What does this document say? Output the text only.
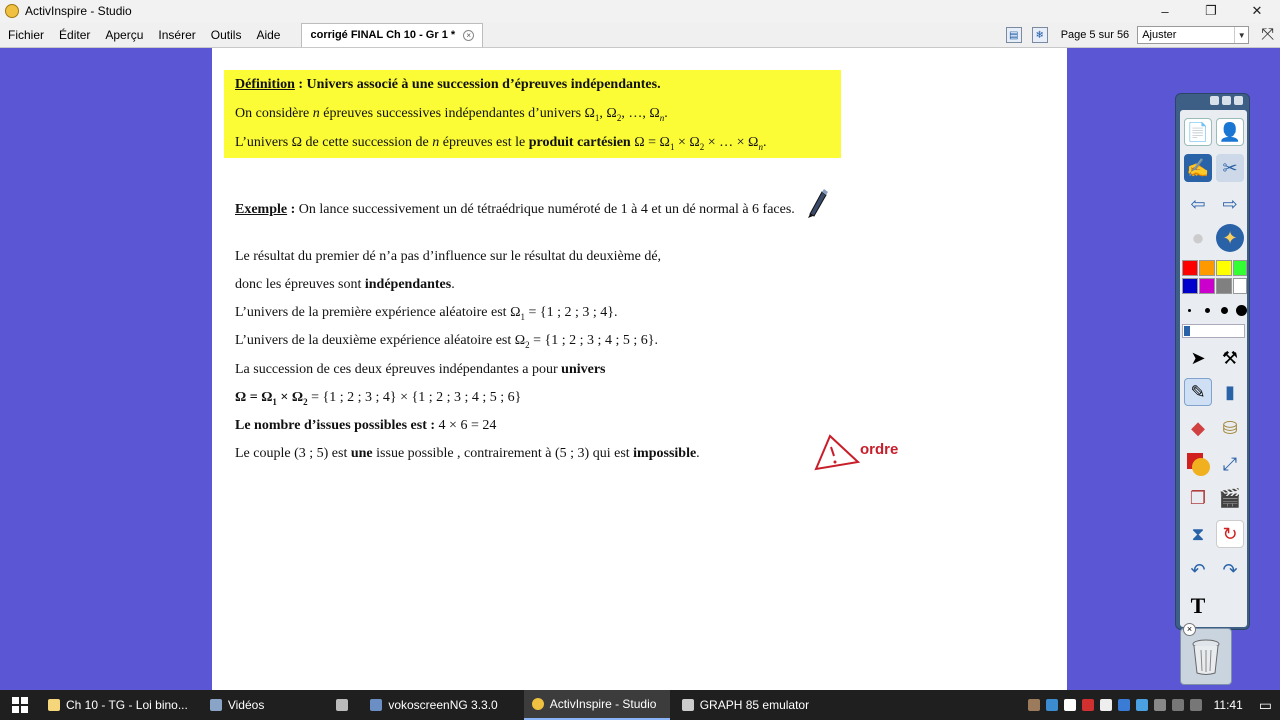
ActivInspire - Studio	–	❐	✕
Fichier	Éditer	Aperçu	Insérer	Outils	Aide	corrigé FINAL Ch 10 - Gr 1 *	×	▤	❄	Page 5 sur 56 Ajuster	▼ ⤧
Définition : Univers associé à une succession d’épreuves indépendantes.
On considère n épreuves successives indépendantes d’univers $\Omega_1$, $\Omega_2$, …, $\Omega_n$.
L’univers Ω de cette succession de n épreuves est le produit cartésien $\Omega = \Omega_1 \times \Omega_2$ × … × $\Omega_n$.
Exemple : On lance successivement un dé tétraédrique numéroté de 1 à 4 et un dé normal à 6 faces.
Le résultat du premier dé n’a pas d’influence sur le résultat du deuxième dé,
donc les épreuves sont indépendantes.
L’univers de la première expérience aléatoire est $\Omega_1 = \{1$ ; 2 ; 3 ; 4}.
L’univers de la deuxième expérience aléatoire est $\Omega_2 = \{1$ ; 2 ; 3 ; 4 ; 5 ; 6}.
La succession de ces deux épreuves indépendantes a pour univers
$\Omega = \Omega_1 \times \Omega_2 = \{1$ ; 2 ; 3 ; 4} × {1 ; 2 ; 3 ; 4 ; 5 ; 6}
Le nombre d’issues possibles est : 4 × 6 = 24
Le couple (3 ; 5) est une issue possible , contrairement à (5 ; 3) qui est impossible.	ordre
📄 👤
✍ ✂
⇦ ⇨
● ✦
➤ ⚒
✎	▮
◆ ⛁
⤢
❐ 🎬
⧗	↻
↶ ↷
T
×
Ch 10 - TG - Loi bino...	Vidéos	vokoscreenNG 3.3.0	ActivInspire - Studio	GRAPH 85 emulator	11:41 ▭
